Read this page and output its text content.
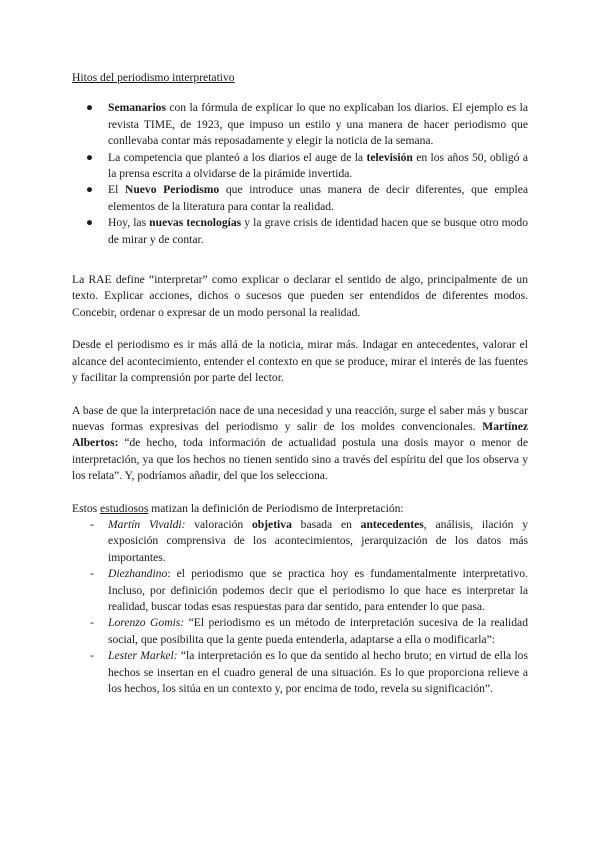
Hitos del periodismo interpretativo

● Semanarios con la fórmula de explicar lo que no explicaban los diarios. El ejemplo es la revista TIME, de 1923, que impuso un estilo y una manera de hacer periodismo que conllevaba contar más reposadamente y elegir la noticia de la semana.
● La competencia que planteó a los diarios el auge de la televisión en los años 50, obligó a la prensa escrita a olvidarse de la pirámide invertida.
● El Nuevo Periodismo que introduce unas manera de decir diferentes, que emplea elementos de la literatura para contar la realidad.
● Hoy, las nuevas tecnologías y la grave crisis de identidad hacen que se busque otro modo de mirar y de contar.

La RAE define “interpretar” como explicar o declarar el sentido de algo, principalmente de un texto. Explicar acciones, dichos o sucesos que pueden ser entendidos de diferentes modos. Concebir, ordenar o expresar de un modo personal la realidad.

Desde el periodismo es ir más allá de la noticia, mirar más. Indagar en antecedentes, valorar el alcance del acontecimiento, entender el contexto en que se produce, mirar el interés de las fuentes y facilitar la comprensión por parte del lector.

A base de que la interpretación nace de una necesidad y una reacción, surge el saber más y buscar nuevas formas expresivas del periodismo y salir de los moldes convencionales. Martínez Albertos: “de hecho, toda información de actualidad postula una dosis mayor o menor de interpretación, ya que los hechos no tienen sentido sino a través del espíritu del que los observa y los relata”. Y, podríamos añadir, del que los selecciona.

Estos estudiosos matizan la definición de Periodismo de Interpretación:

- Martín Vivaldi: valoración objetiva basada en antecedentes, análisis, ilación y exposición comprensiva de los acontecimientos, jerarquización de los datos más importantes.
- Diezhandino: el periodismo que se practica hoy es fundamentalmente interpretativo. Incluso, por definición podemos decir que el periodismo lo que hace es interpretar la realidad, buscar todas esas respuestas para dar sentido, para entender lo que pasa.
- Lorenzo Gomis: “El periodismo es un método de interpretación sucesiva de la realidad social, que posibilita que la gente pueda entenderla, adaptarse a ella o modificarla”:
- Lester Markel: “la interpretación es lo que da sentido al hecho bruto; en virtud de ella los hechos se insertan en el cuadro general de una situación. Es lo que proporciona relieve a los hechos, los sitúa en un contexto y, por encima de todo, revela su significación”.
